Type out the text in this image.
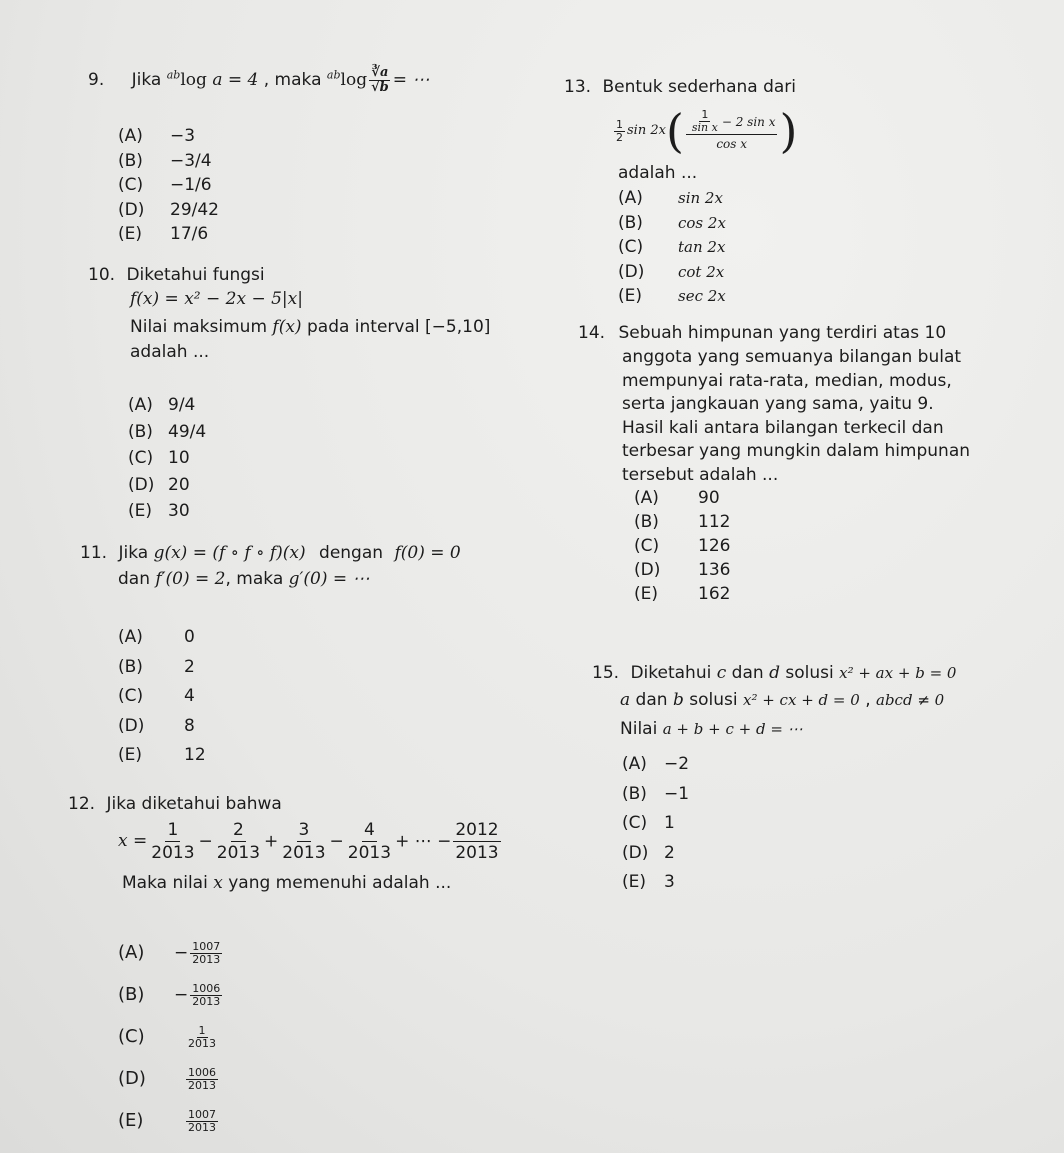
9. Jika $^{ab}$log a = 4 , maka $^{ab}\log \frac{∛a}{√b}$ = ⋯
(A) −3
(B) −3/4
(C) −1/6
(D) 29/42
(E) 17/6
10. Diketahui fungsi
f(x) = x² − 2x − 5|x|
Nilai maksimum f(x) pada interval [−5,10]
adalah ...
(A) 9/4
(B) 49/4
(C) 10
(D) 20
(E) 30
11. Jika g(x) = (f ∘ f ∘ f)(x) dengan f(0) = 0
dan f′(0) = 2, maka g′(0) = ⋯
(A) 0
(B) 2
(C) 4
(D) 8
(E) 12
12. Jika diketahui bahwa
$x = \frac{1}{2013} - \frac{2}{2013} + \frac{3}{2013} - \frac{4}{2013}$ + ⋯ − $\frac{2012}{2013}$
Maka nilai x yang memenuhi adalah ...
(A)	− $\frac{1007}{2013}$
(B)	− $\frac{1006}{2013}$
(C)	$\frac{1}{2013}$
(D)	$\frac{1006}{2013}$
(E)	$\frac{1007}{2013}$
13. Bentuk sederhana dari
$\frac{1}{2}$ sin 2x ( $\frac{\frac{1}{\text{sin x}} - 2 \sin x}{\text{cos x}}$ )
adalah ...
(A) sin 2x
(B) cos 2x
(C) tan 2x
(D) cot 2x
(E) sec 2x
14. Sebuah himpunan yang terdiri atas 10
anggota yang semuanya bilangan bulat
mempunyai rata-rata, median, modus,
serta jangkauan yang sama, yaitu 9.
Hasil kali antara bilangan terkecil dan
terbesar yang mungkin dalam himpunan
tersebut adalah ...
(A) 90
(B) 112
(C) 126
(D) 136
(E) 162
15. Diketahui c dan d solusi x² + ax + b = 0
a dan b solusi x² + cx + d = 0 , abcd ≠ 0
Nilai a + b + c + d = ⋯
(A) −2
(B) −1
(C) 1
(D) 2
(E) 3
